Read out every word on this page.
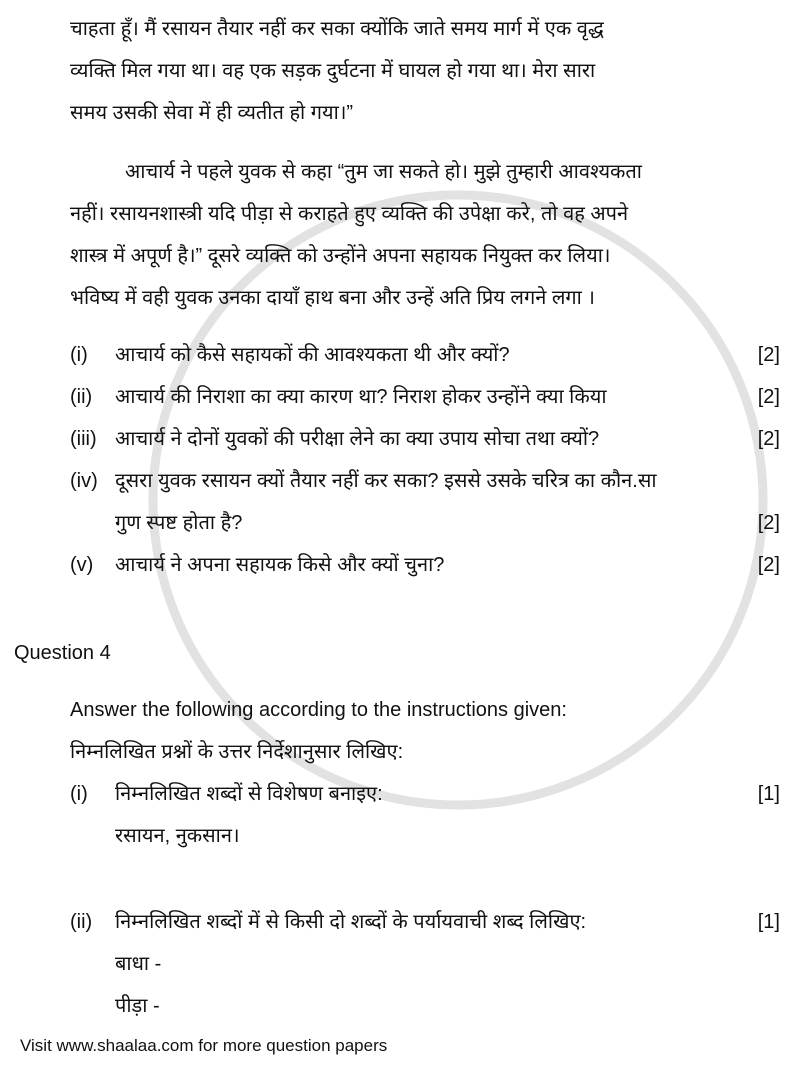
चाहता हूँ। मैं रसायन तैयार नहीं कर सका क्योंकि जाते समय मार्ग में एक वृद्ध
व्यक्ति मिल गया था। वह एक सड़क दुर्घटना में घायल हो गया था। मेरा सारा
समय उसकी सेवा में ही व्यतीत हो गया।”
आचार्य ने पहले युवक से कहा “तुम जा सकते हो। मुझे तुम्हारी आवश्यकता
नहीं। रसायनशास्त्री यदि पीड़ा से कराहते हुए व्यक्ति की उपेक्षा करे, तो वह अपने
शास्त्र में अपूर्ण है।” दूसरे व्यक्ति को उन्होंने अपना सहायक नियुक्त कर लिया।
भविष्य में वही युवक उनका दायाँ हाथ बना और उन्हें अति प्रिय लगने लगा ।
(i)	आचार्य को कैसे सहायकों की आवश्यकता थी और क्यों?	[2]
(ii)	आचार्य की निराशा का क्या कारण था? निराश होकर उन्होंने क्या किया	[2]
(iii) आचार्य ने दोनों युवकों की परीक्षा लेने का क्या उपाय सोचा तथा क्यों?	[2]
(iv) दूसरा युवक रसायन क्यों तैयार नहीं कर सका? इससे उसके चरित्र का कौन.सा
गुण स्पष्ट होता है?	[2]
(v)	आचार्य ने अपना सहायक किसे और क्यों चुना?	[2]
Question 4
Answer the following according to the instructions given:
निम्नलिखित प्रश्नों के उत्तर निर्देशानुसार लिखिए:
(i)	निम्नलिखित शब्दों से विशेषण बनाइए:	[1]
रसायन, नुकसान।
(ii)	निम्नलिखित शब्दों में से किसी दो शब्दों के पर्यायवाची शब्द लिखिए:	[1]
बाधा -
पीड़ा -
Visit www.shaalaa.com for more question papers
